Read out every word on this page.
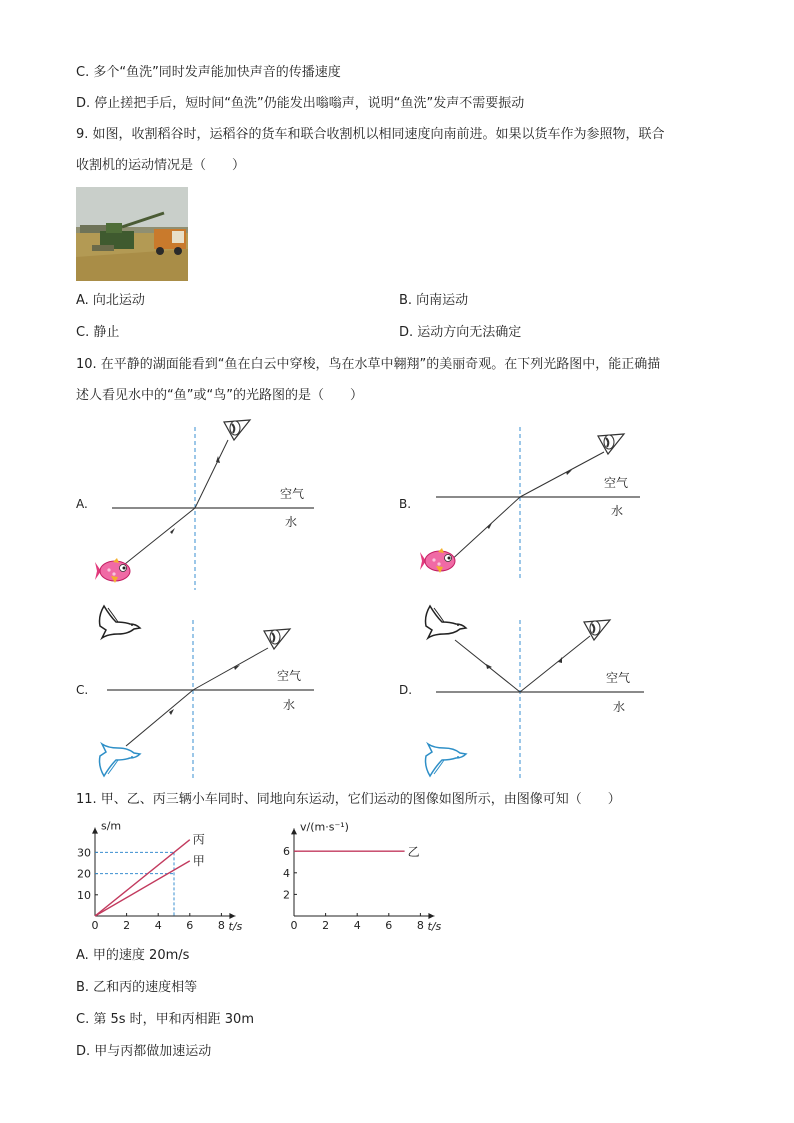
C. 多个“鱼洗”同时发声能加快声音的传播速度
D. 停止搓把手后，短时间“鱼洗”仍能发出嗡嗡声，说明“鱼洗”发声不需要振动
9. 如图，收割稻谷时，运稻谷的货车和联合收割机以相同速度向南前进。如果以货车作为参照物，联合
收割机的运动情况是（　　）
A. 向北运动	B. 向南运动
C. 静止	D. 运动方向无法确定
10. 在平静的湖面能看到“鱼在白云中穿梭，鸟在水草中翱翔”的美丽奇观。在下列光路图中，能正确描
述人看见水中的“鱼”或“鸟”的光路图的是（　　）
A.
空气
水
B.
空气
水
C.
空气
水
D.
空气
水
11. 甲、乙、丙三辆小车同时、同地向东运动，它们运动的图像如图所示，由图像可知（　　）
0 2 4 6 8
10
20
30
t/s
s/m
丙
甲
0 2 4 6 8
2
4
6
t/s
v/(m·s⁻¹)
乙
A. 甲的速度 20m/s
B. 乙和丙的速度相等
C. 第 5s 时，甲和丙相距 30m
D. 甲与丙都做加速运动
